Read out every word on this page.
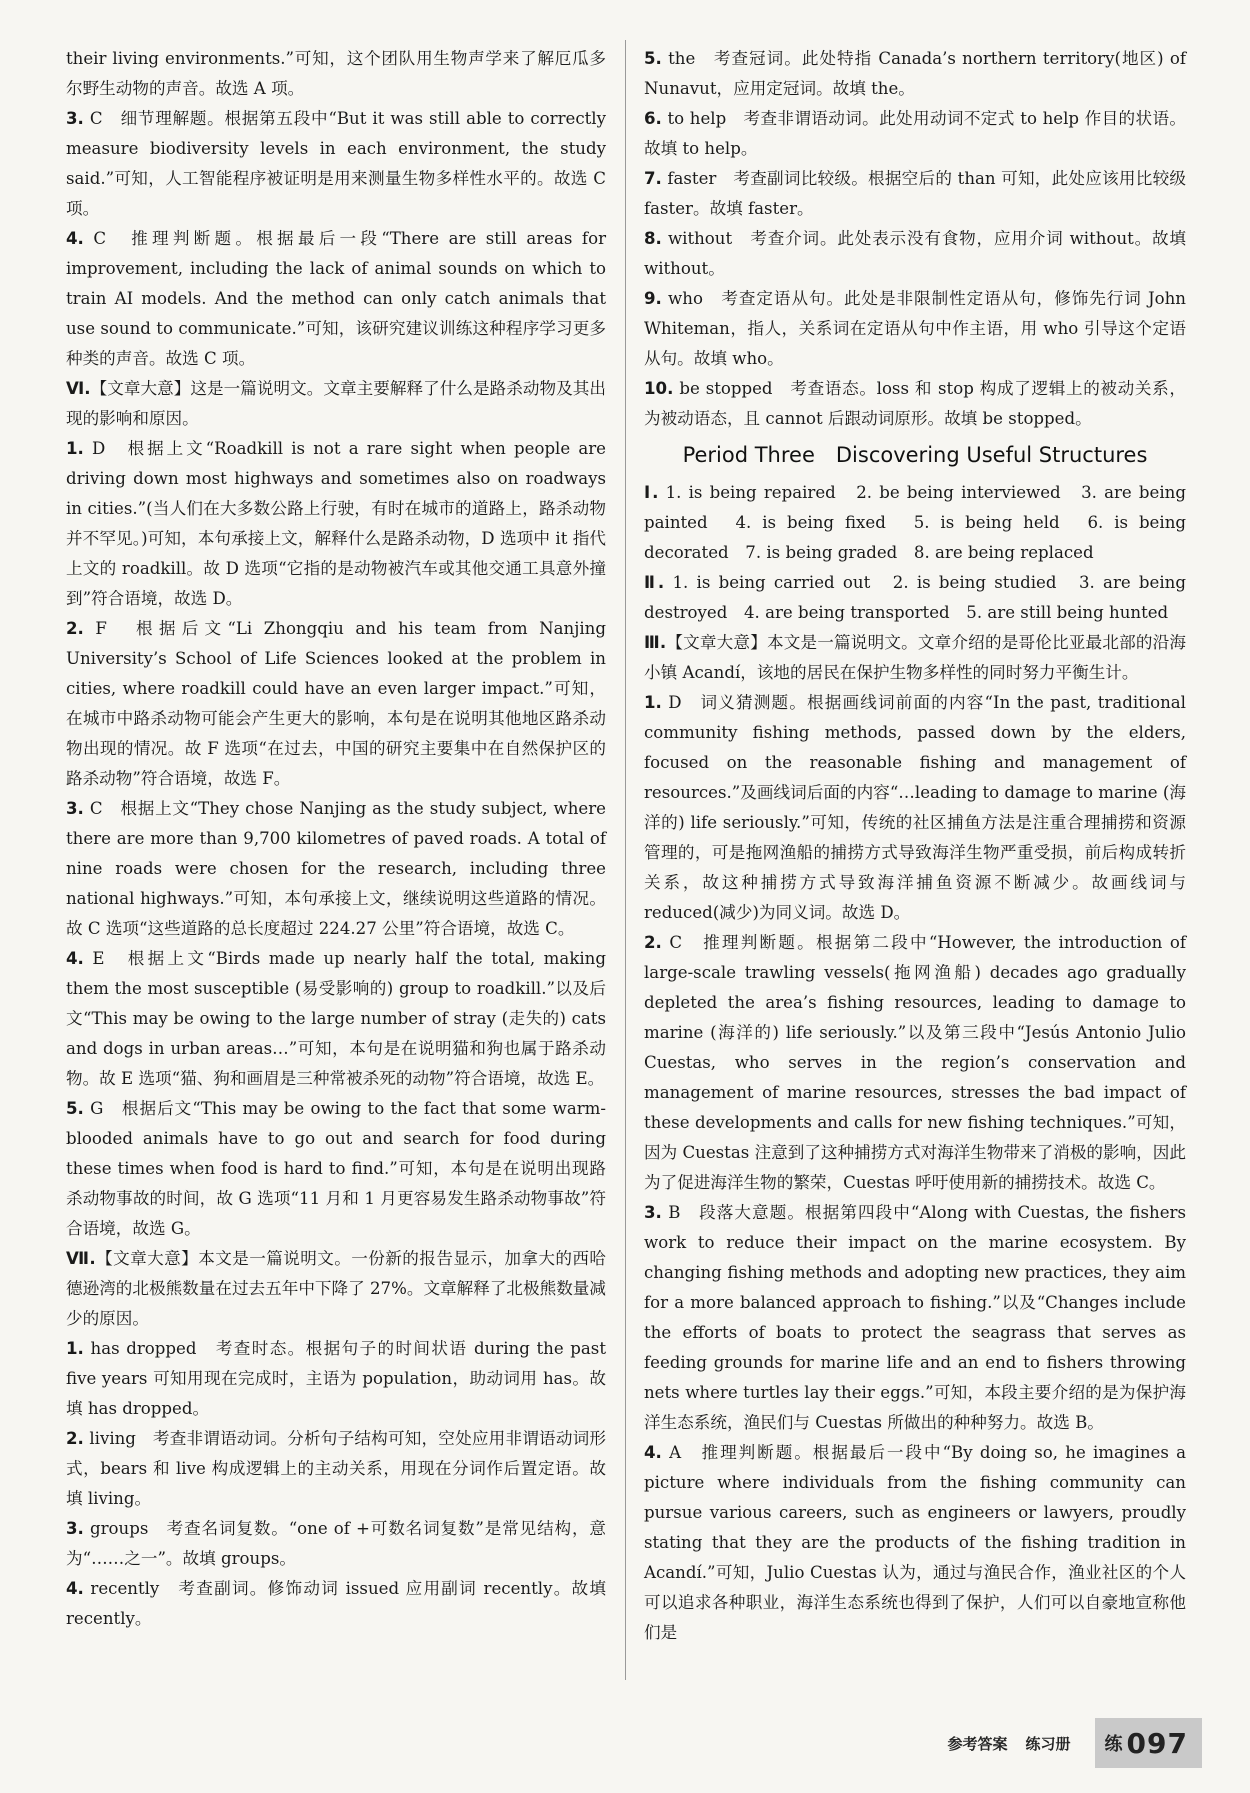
their living environments.”可知，这个团队用生物声学来了解厄瓜多尔野生动物的声音。故选 A 项。

3. C　细节理解题。根据第五段中“But it was still able to correctly measure biodiversity levels in each environment, the study said.”可知，人工智能程序被证明是用来测量生物多样性水平的。故选 C 项。

4. C　推理判断题。根据最后一段“There are still areas for improvement, including the lack of animal sounds on which to train AI models. And the method can only catch animals that use sound to communicate.”可知，该研究建议训练这种程序学习更多种类的声音。故选 C 项。

Ⅵ.【文章大意】这是一篇说明文。文章主要解释了什么是路杀动物及其出现的影响和原因。

1. D　根据上文“Roadkill is not a rare sight when people are driving down most highways and sometimes also on roadways in cities.”(当人们在大多数公路上行驶，有时在城市的道路上，路杀动物并不罕见。)可知，本句承接上文，解释什么是路杀动物，D 选项中 it 指代上文的 roadkill。故 D 选项“它指的是动物被汽车或其他交通工具意外撞到”符合语境，故选 D。

2. F　根据后文“Li Zhongqiu and his team from Nanjing University’s School of Life Sciences looked at the problem in cities, where roadkill could have an even larger impact.”可知，在城市中路杀动物可能会产生更大的影响，本句是在说明其他地区路杀动物出现的情况。故 F 选项“在过去，中国的研究主要集中在自然保护区的路杀动物”符合语境，故选 F。

3. C　根据上文“They chose Nanjing as the study subject, where there are more than 9,700 kilometres of paved roads. A total of nine roads were chosen for the research, including three national highways.”可知，本句承接上文，继续说明这些道路的情况。故 C 选项“这些道路的总长度超过 224.27 公里”符合语境，故选 C。

4. E　根据上文“Birds made up nearly half the total, making them the most susceptible (易受影响的) group to roadkill.”以及后文“This may be owing to the large number of stray (走失的) cats and dogs in urban areas…”可知，本句是在说明猫和狗也属于路杀动物。故 E 选项“猫、狗和画眉是三种常被杀死的动物”符合语境，故选 E。

5. G　根据后文“This may be owing to the fact that some warm-blooded animals have to go out and search for food during these times when food is hard to find.”可知，本句是在说明出现路杀动物事故的时间，故 G 选项“11 月和 1 月更容易发生路杀动物事故”符合语境，故选 G。

Ⅶ.【文章大意】本文是一篇说明文。一份新的报告显示，加拿大的西哈德逊湾的北极熊数量在过去五年中下降了 27%。文章解释了北极熊数量减少的原因。

1. has dropped　考查时态。根据句子的时间状语 during the past five years 可知用现在完成时，主语为 population，助动词用 has。故填 has dropped。

2. living　考查非谓语动词。分析句子结构可知，空处应用非谓语动词形式，bears 和 live 构成逻辑上的主动关系，用现在分词作后置定语。故填 living。

3. groups　考查名词复数。“one of +可数名词复数”是常见结构，意为“……之一”。故填 groups。

4. recently　考查副词。修饰动词 issued 应用副词 recently。故填 recently。

5. the　考查冠词。此处特指 Canada’s northern territory(地区) of Nunavut，应用定冠词。故填 the。

6. to help　考查非谓语动词。此处用动词不定式 to help 作目的状语。故填 to help。

7. faster　考查副词比较级。根据空后的 than 可知，此处应该用比较级 faster。故填 faster。

8. without　考查介词。此处表示没有食物，应用介词 without。故填 without。

9. who　考查定语从句。此处是非限制性定语从句，修饰先行词 John Whiteman，指人，关系词在定语从句中作主语，用 who 引导这个定语从句。故填 who。

10. be stopped　考查语态。loss 和 stop 构成了逻辑上的被动关系，为被动语态，且 cannot 后跟动词原形。故填 be stopped。

Period Three　Discovering Useful Structures

Ⅰ. 1. is being repaired　2. be being interviewed　3. are being painted　4. is being fixed　5. is being held　6. is being decorated　7. is being graded　8. are being replaced

Ⅱ. 1. is being carried out　2. is being studied　3. are being destroyed　4. are being transported　5. are still being hunted

Ⅲ.【文章大意】本文是一篇说明文。文章介绍的是哥伦比亚最北部的沿海小镇 Acandí，该地的居民在保护生物多样性的同时努力平衡生计。

1. D　词义猜测题。根据画线词前面的内容“In the past, traditional community fishing methods, passed down by the elders, focused on the reasonable fishing and management of resources.”及画线词后面的内容“…leading to damage to marine (海洋的) life seriously.”可知，传统的社区捕鱼方法是注重合理捕捞和资源管理的，可是拖网渔船的捕捞方式导致海洋生物严重受损，前后构成转折关系，故这种捕捞方式导致海洋捕鱼资源不断减少。故画线词与 reduced(减少)为同义词。故选 D。

2. C　推理判断题。根据第二段中“However, the introduction of large-scale trawling vessels(拖网渔船) decades ago gradually depleted the area’s fishing resources, leading to damage to marine (海洋的) life seriously.”以及第三段中“Jesús Antonio Julio Cuestas, who serves in the region’s conservation and management of marine resources, stresses the bad impact of these developments and calls for new fishing techniques.”可知，因为 Cuestas 注意到了这种捕捞方式对海洋生物带来了消极的影响，因此为了促进海洋生物的繁荣，Cuestas 呼吁使用新的捕捞技术。故选 C。

3. B　段落大意题。根据第四段中“Along with Cuestas, the fishers work to reduce their impact on the marine ecosystem. By changing fishing methods and adopting new practices, they aim for a more balanced approach to fishing.”以及“Changes include the efforts of boats to protect the seagrass that serves as feeding grounds for marine life and an end to fishers throwing nets where turtles lay their eggs.”可知，本段主要介绍的是为保护海洋生态系统，渔民们与 Cuestas 所做出的种种努力。故选 B。

4. A　推理判断题。根据最后一段中“By doing so, he imagines a picture where individuals from the fishing community can pursue various careers, such as engineers or lawyers, proudly stating that they are the products of the fishing tradition in Acandí.”可知，Julio Cuestas 认为，通过与渔民合作，渔业社区的个人可以追求各种职业，海洋生态系统也得到了保护，人们可以自豪地宣称他们是

参考答案 练习册 练 097
